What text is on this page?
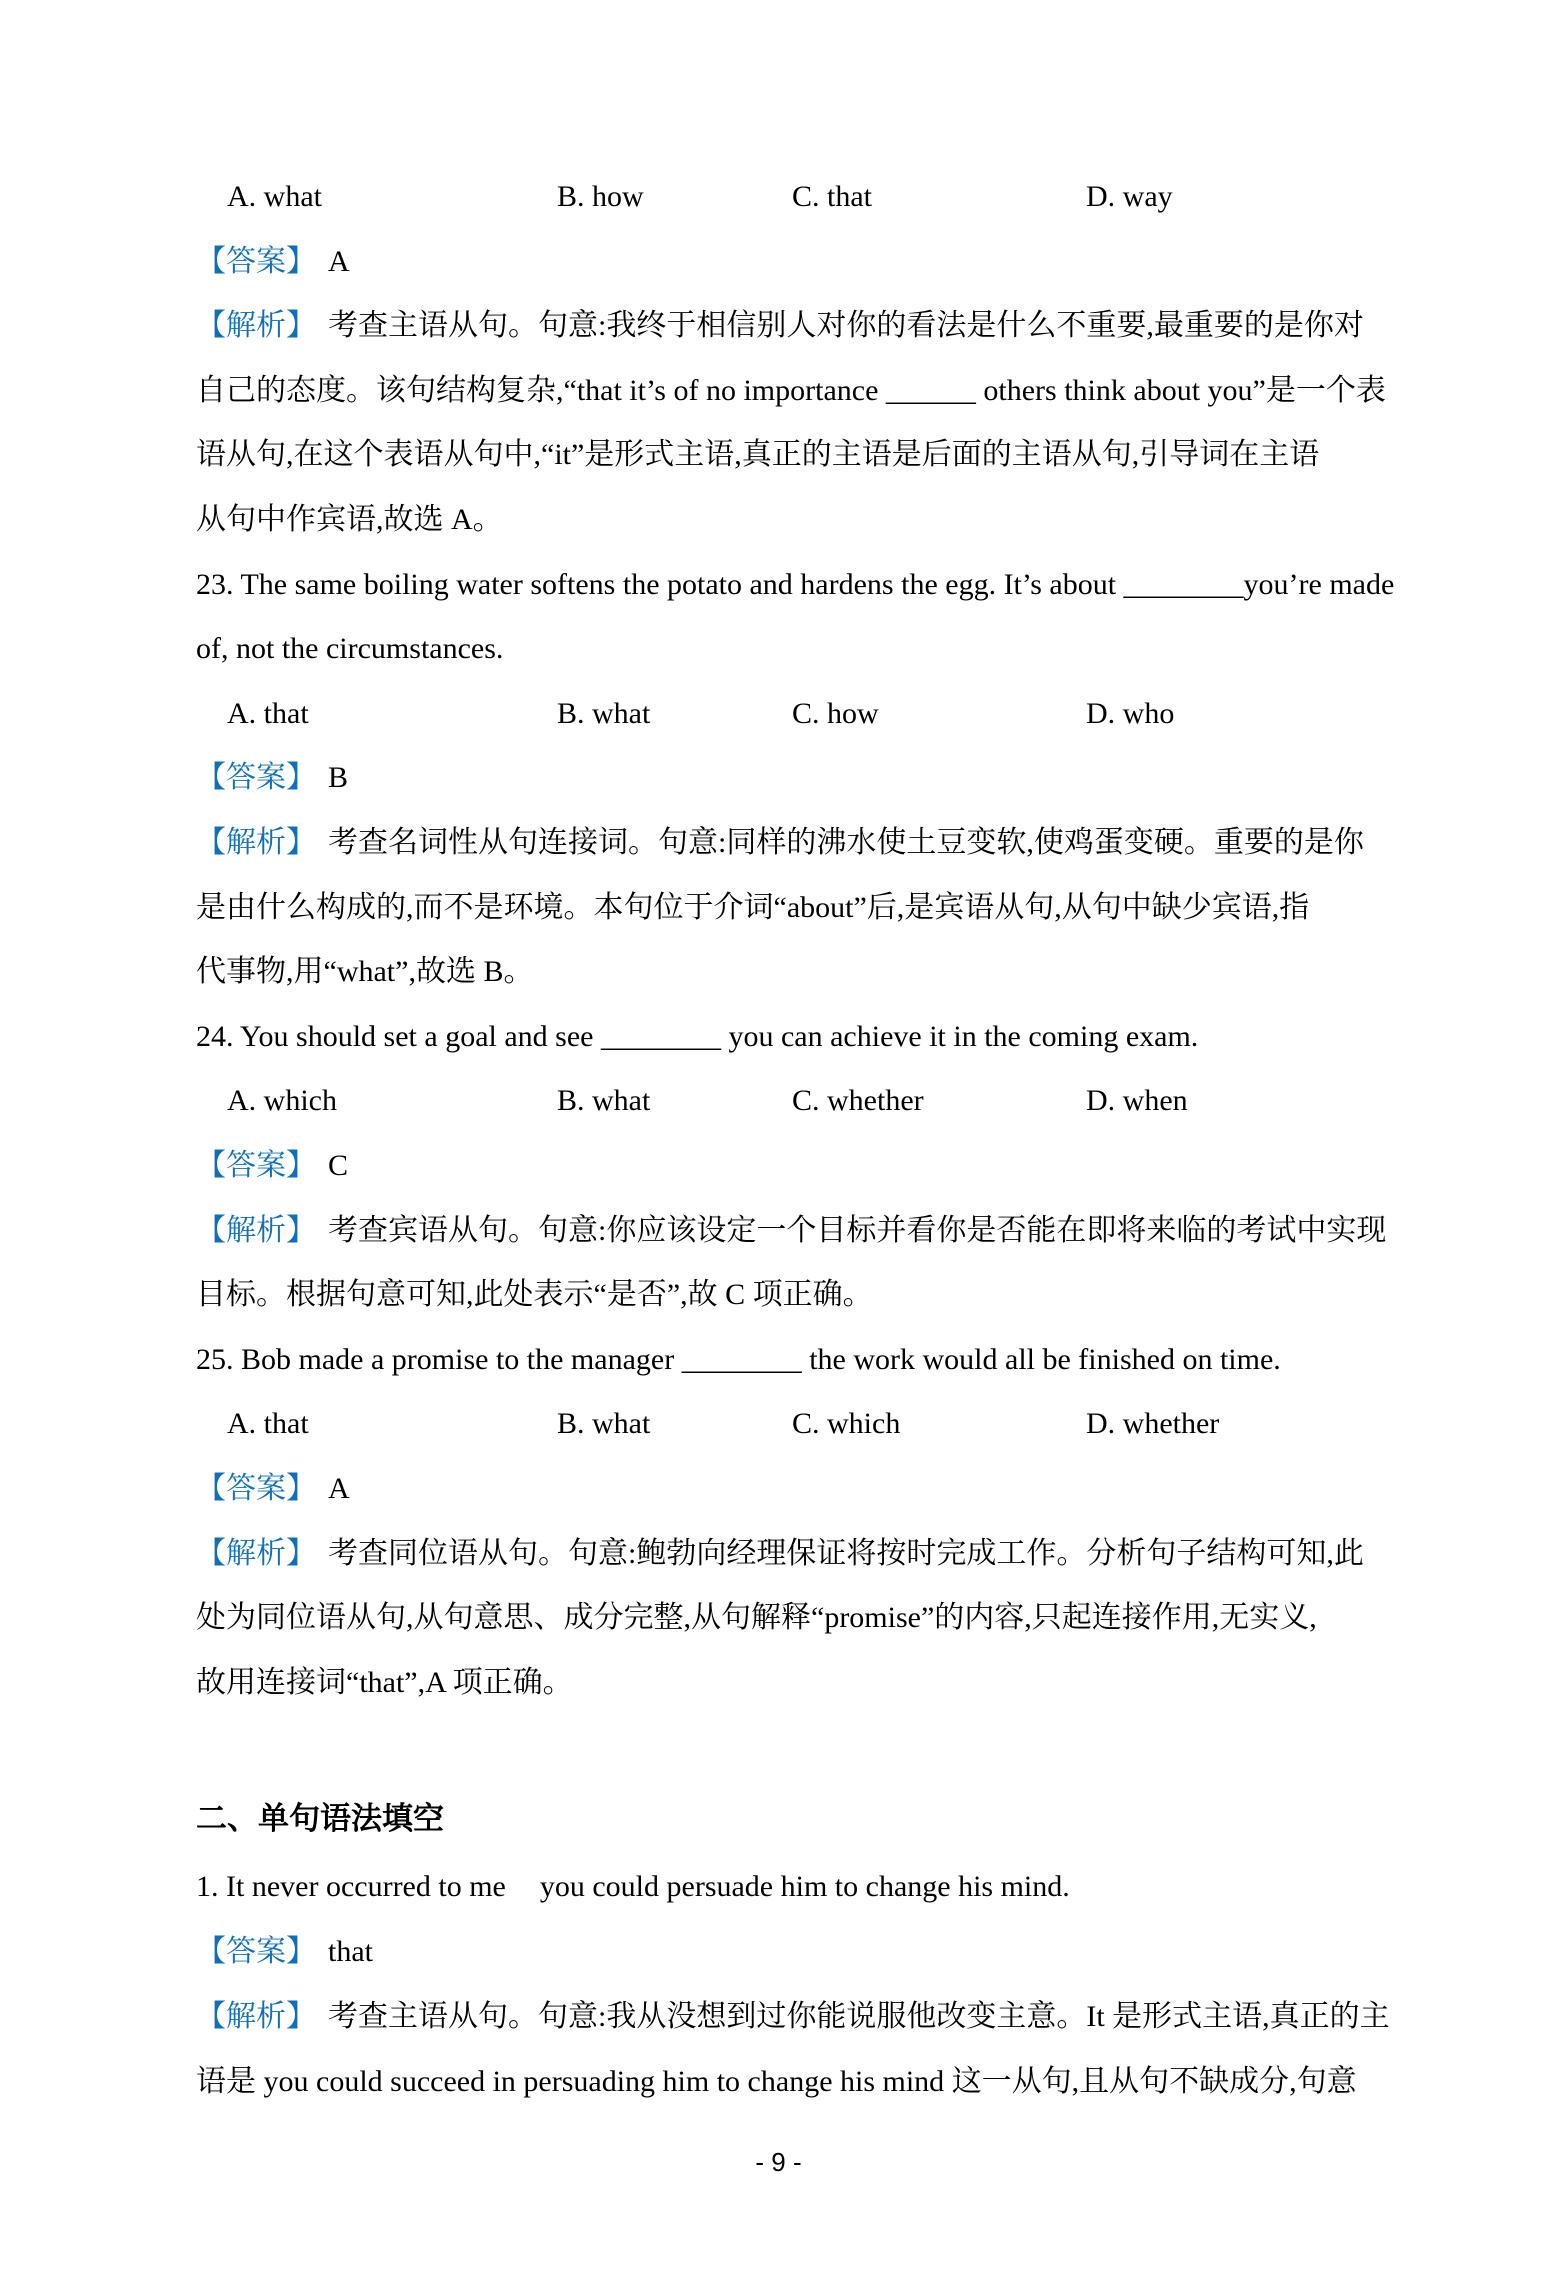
A. what	B. how	C. that	D. way
【答案】 A
【解析】 考查主语从句。句意:我终于相信别人对你的看法是什么不重要,最重要的是你对
自己的态度。该句结构复杂,“that it’s of no importance ______ others think about you”是一个表
语从句,在这个表语从句中,“it”是形式主语,真正的主语是后面的主语从句,引导词在主语
从句中作宾语,故选 A。
23. The same boiling water softens the potato and hardens the egg. It’s about ________you’re made
of, not the circumstances.
A. that	B. what	C. how	D. who
【答案】 B
【解析】 考查名词性从句连接词。句意:同样的沸水使土豆变软,使鸡蛋变硬。重要的是你
是由什么构成的,而不是环境。本句位于介词“about”后,是宾语从句,从句中缺少宾语,指
代事物,用“what”,故选 B。
24. You should set a goal and see ________ you can achieve it in the coming exam.
A. which	B. what	C. whether	D. when
【答案】 C
【解析】 考查宾语从句。句意:你应该设定一个目标并看你是否能在即将来临的考试中实现
目标。根据句意可知,此处表示“是否”,故 C 项正确。
25. Bob made a promise to the manager ________ the work would all be finished on time.
A. that	B. what	C. which	D. whether
【答案】 A
【解析】 考查同位语从句。句意:鲍勃向经理保证将按时完成工作。分析句子结构可知,此
处为同位语从句,从句意思、成分完整,从句解释“promise”的内容,只起连接作用,无实义,
故用连接词“that”,A 项正确。
二、单句语法填空
1. It never occurred to me you could persuade him to change his mind.
【答案】 that
【解析】 考查主语从句。句意:我从没想到过你能说服他改变主意。It 是形式主语,真正的主
语是 you could succeed in persuading him to change his mind 这一从句,且从句不缺成分,句意
- 9 -
